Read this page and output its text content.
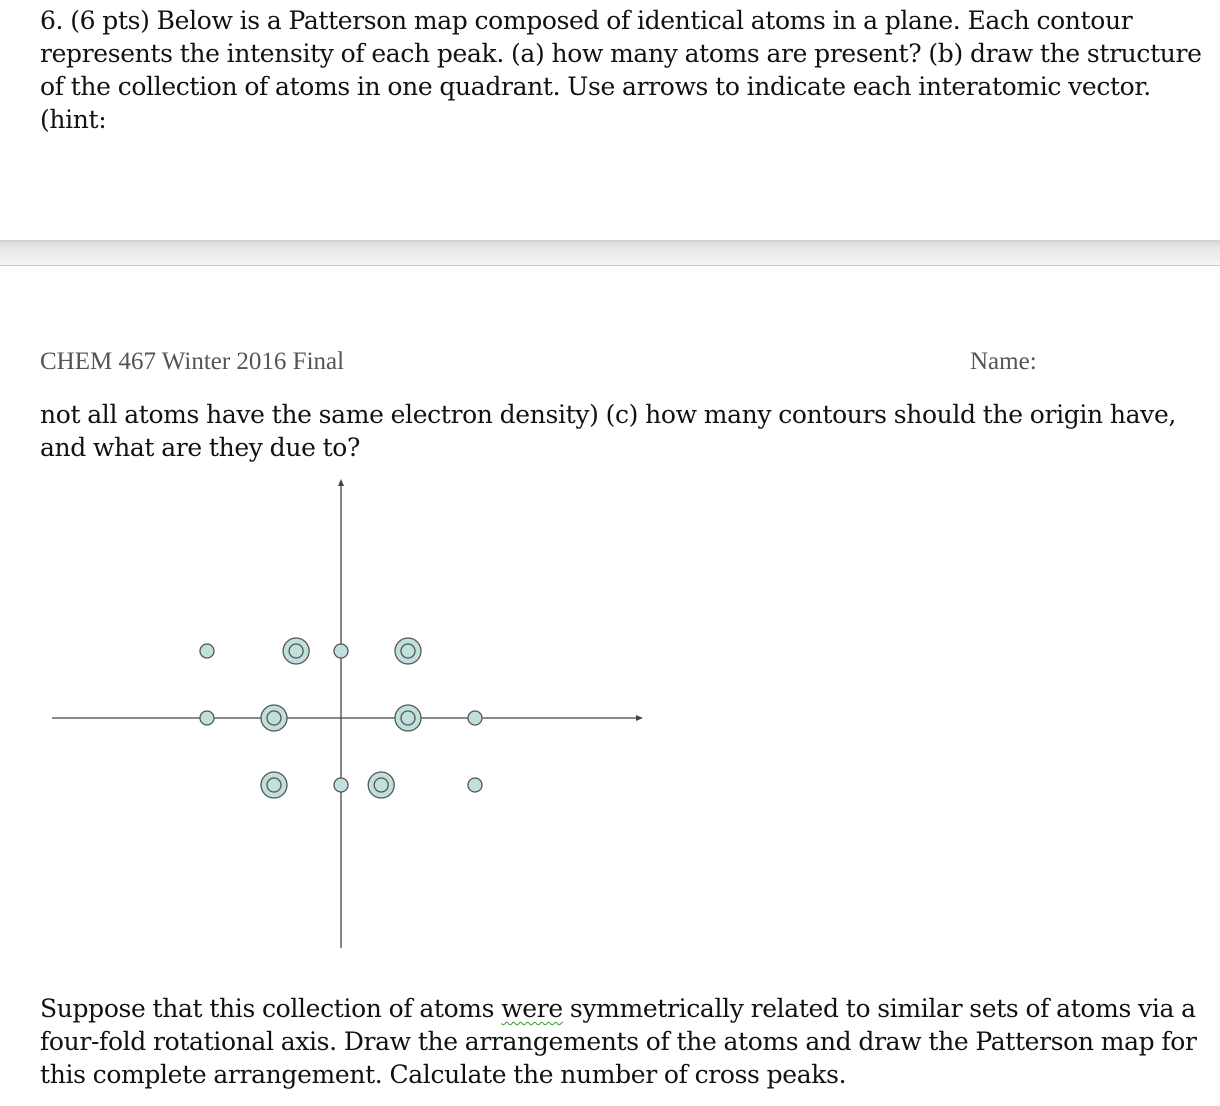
6. (6 pts) Below is a Patterson map composed of identical atoms in a plane. Each contour represents the intensity of each peak. (a) how many atoms are present? (b) draw the structure of the collection of atoms in one quadrant. Use arrows to indicate each interatomic vector. (hint:

CHEM 467 Winter 2016 Final	Name:

not all atoms have the same electron density) (c) how many contours should the origin have, and what are they due to?

Suppose that this collection of atoms were symmetrically related to similar sets of atoms via a four-fold rotational axis. Draw the arrangements of the atoms and draw the Patterson map for this complete arrangement. Calculate the number of cross peaks.
